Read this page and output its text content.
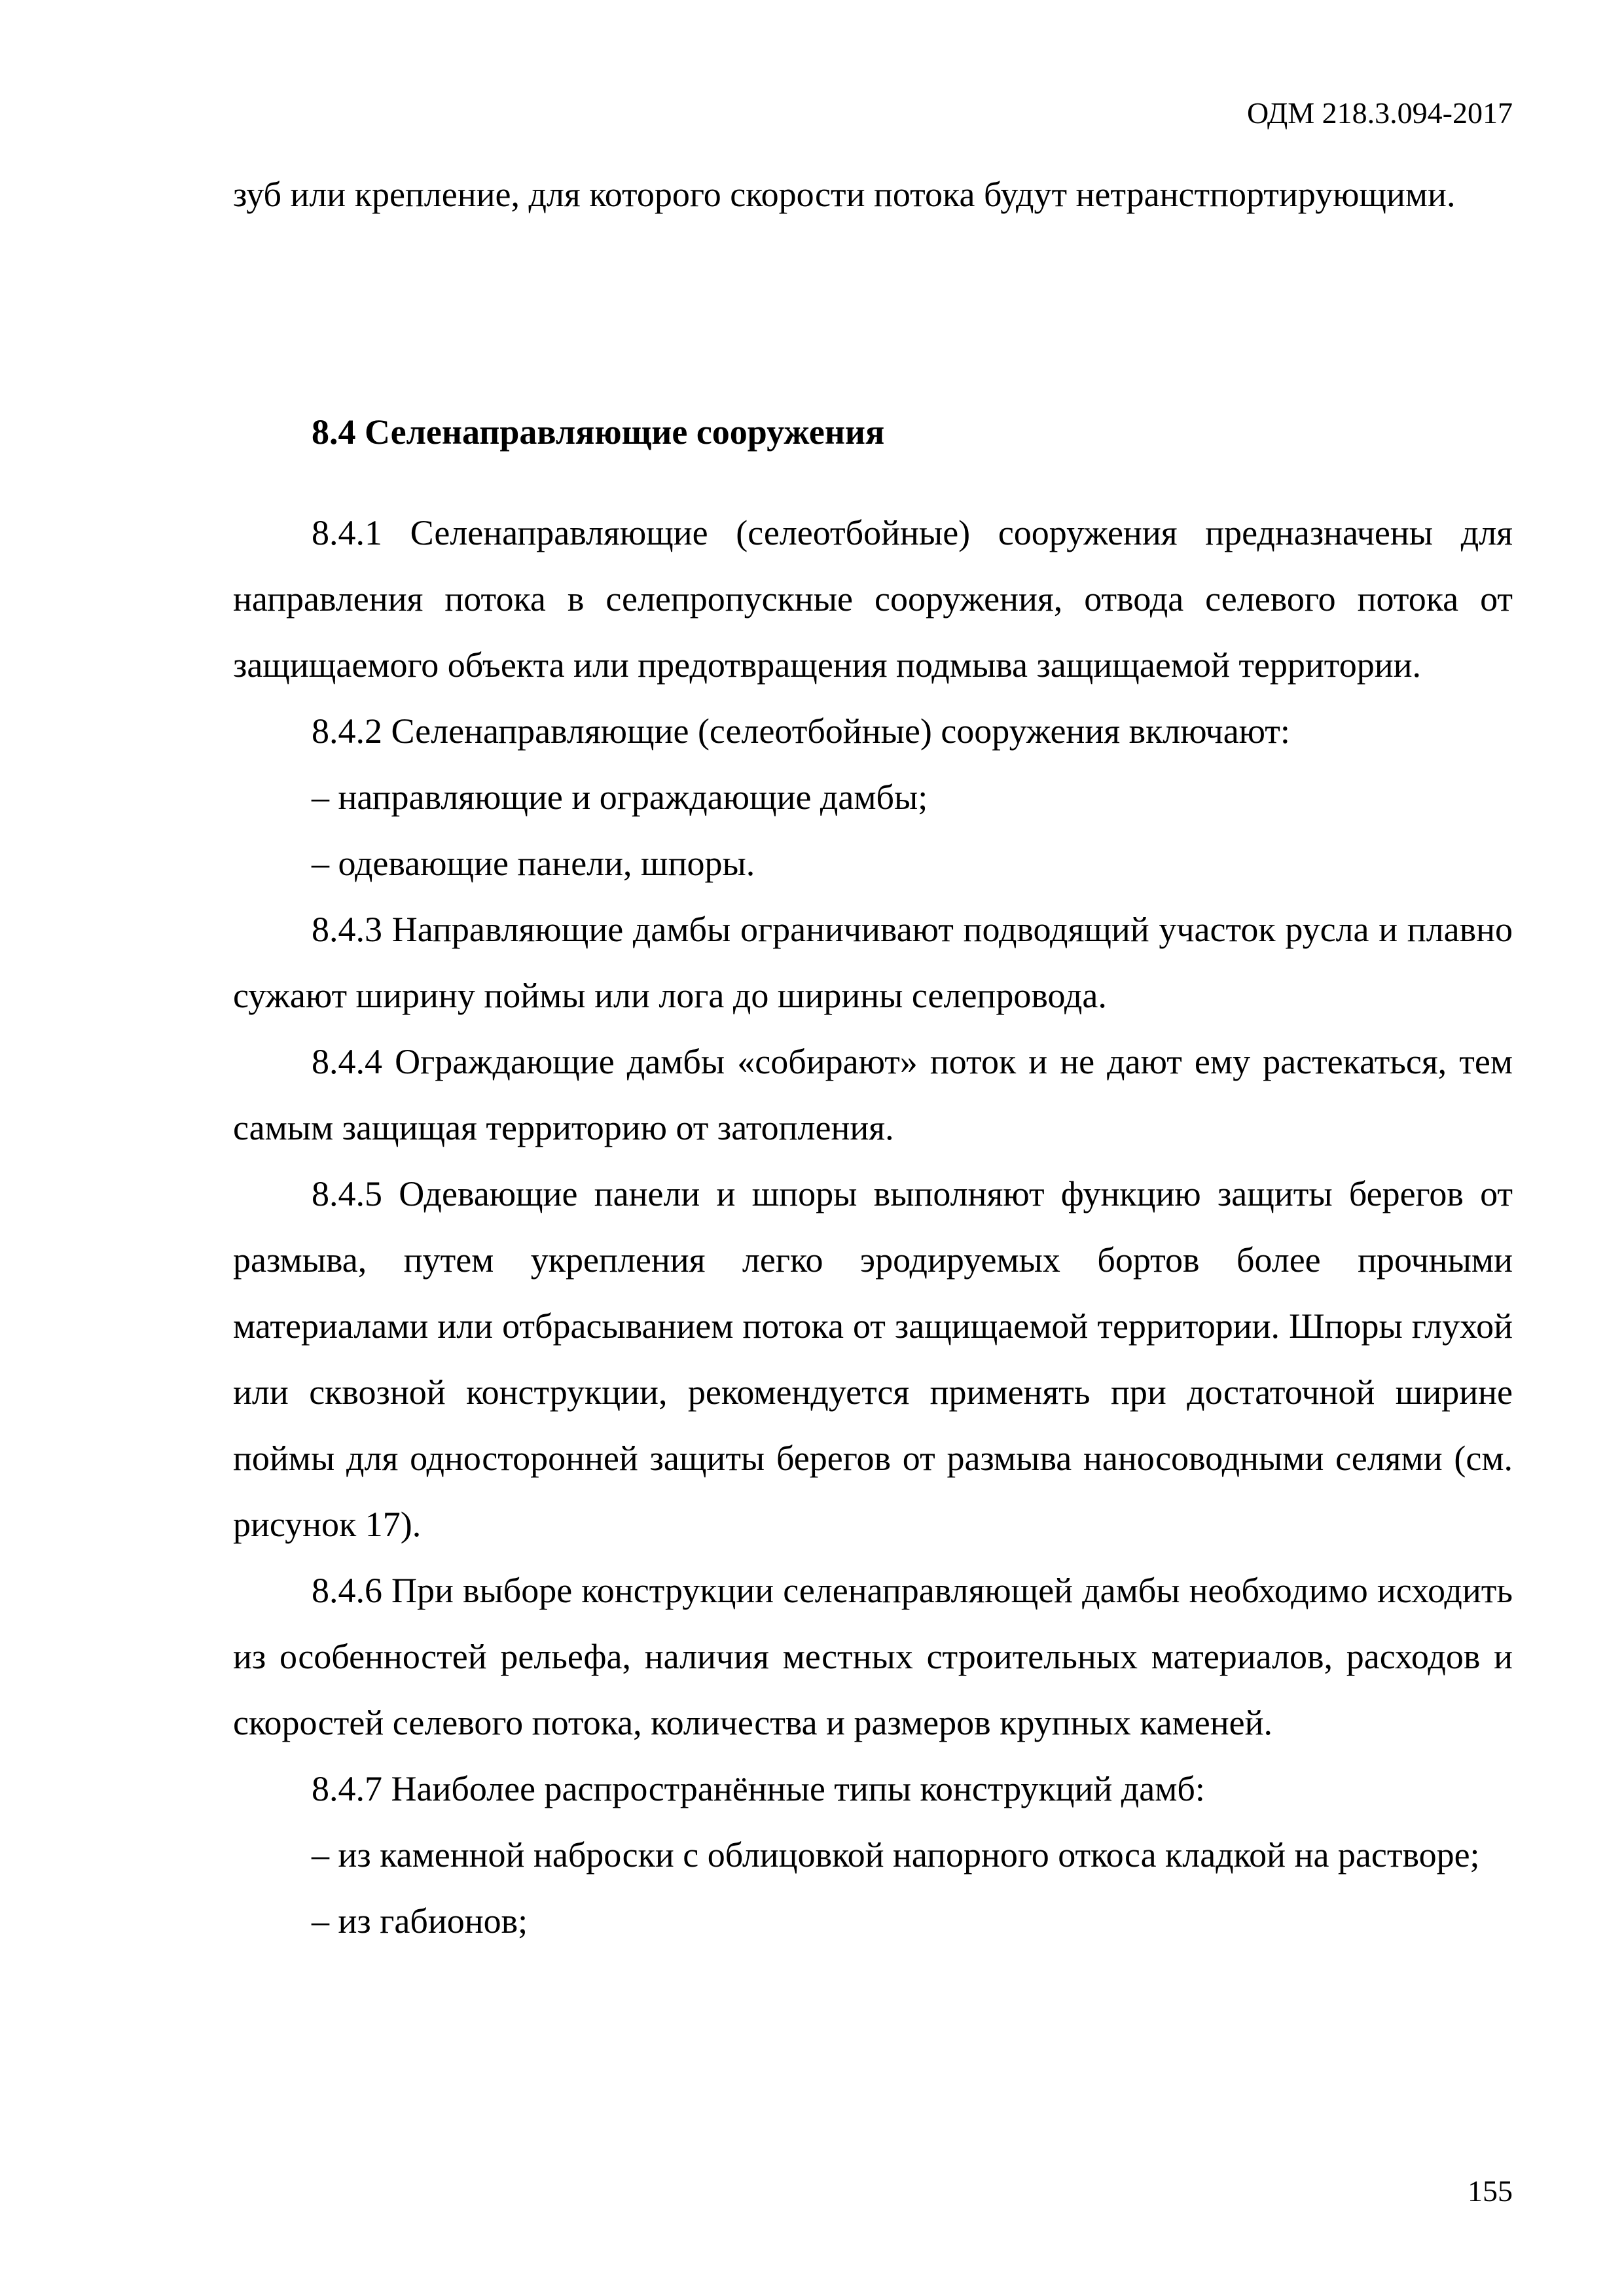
ОДМ 218.3.094-2017

зуб или крепление, для которого скорости потока будут нетранстпортирующими.

8.4 Селенаправляющие сооружения

8.4.1 Селенаправляющие (селеотбойные) сооружения предназначены для направления потока в селепропускные сооружения, отвода селевого потока от защищаемого объекта или предотвращения подмыва защищаемой территории.

8.4.2 Селенаправляющие (селеотбойные) сооружения включают:

– направляющие и ограждающие дамбы;

– одевающие панели, шпоры.

8.4.3 Направляющие дамбы ограничивают подводящий участок русла и плавно сужают ширину поймы или лога до ширины селепровода.

8.4.4 Ограждающие дамбы «собирают» поток и не дают ему растекаться, тем самым защищая территорию от затопления.

8.4.5 Одевающие панели и шпоры выполняют функцию защиты берегов от размыва, путем укрепления легко эродируемых бортов более прочными материалами или отбрасыванием потока от защищаемой территории. Шпоры глухой или сквозной конструкции, рекомендуется применять при достаточной ширине поймы для односторонней защиты берегов от размыва наносоводными селями (см. рисунок 17).

8.4.6 При выборе конструкции селенаправляющей дамбы необходимо исходить из особенностей рельефа, наличия местных строительных материалов, расходов и скоростей селевого потока, количества и размеров крупных каменей.

8.4.7 Наиболее распространённые типы конструкций дамб:

– из каменной наброски с облицовкой напорного откоса кладкой на растворе;

– из габионов;

155
